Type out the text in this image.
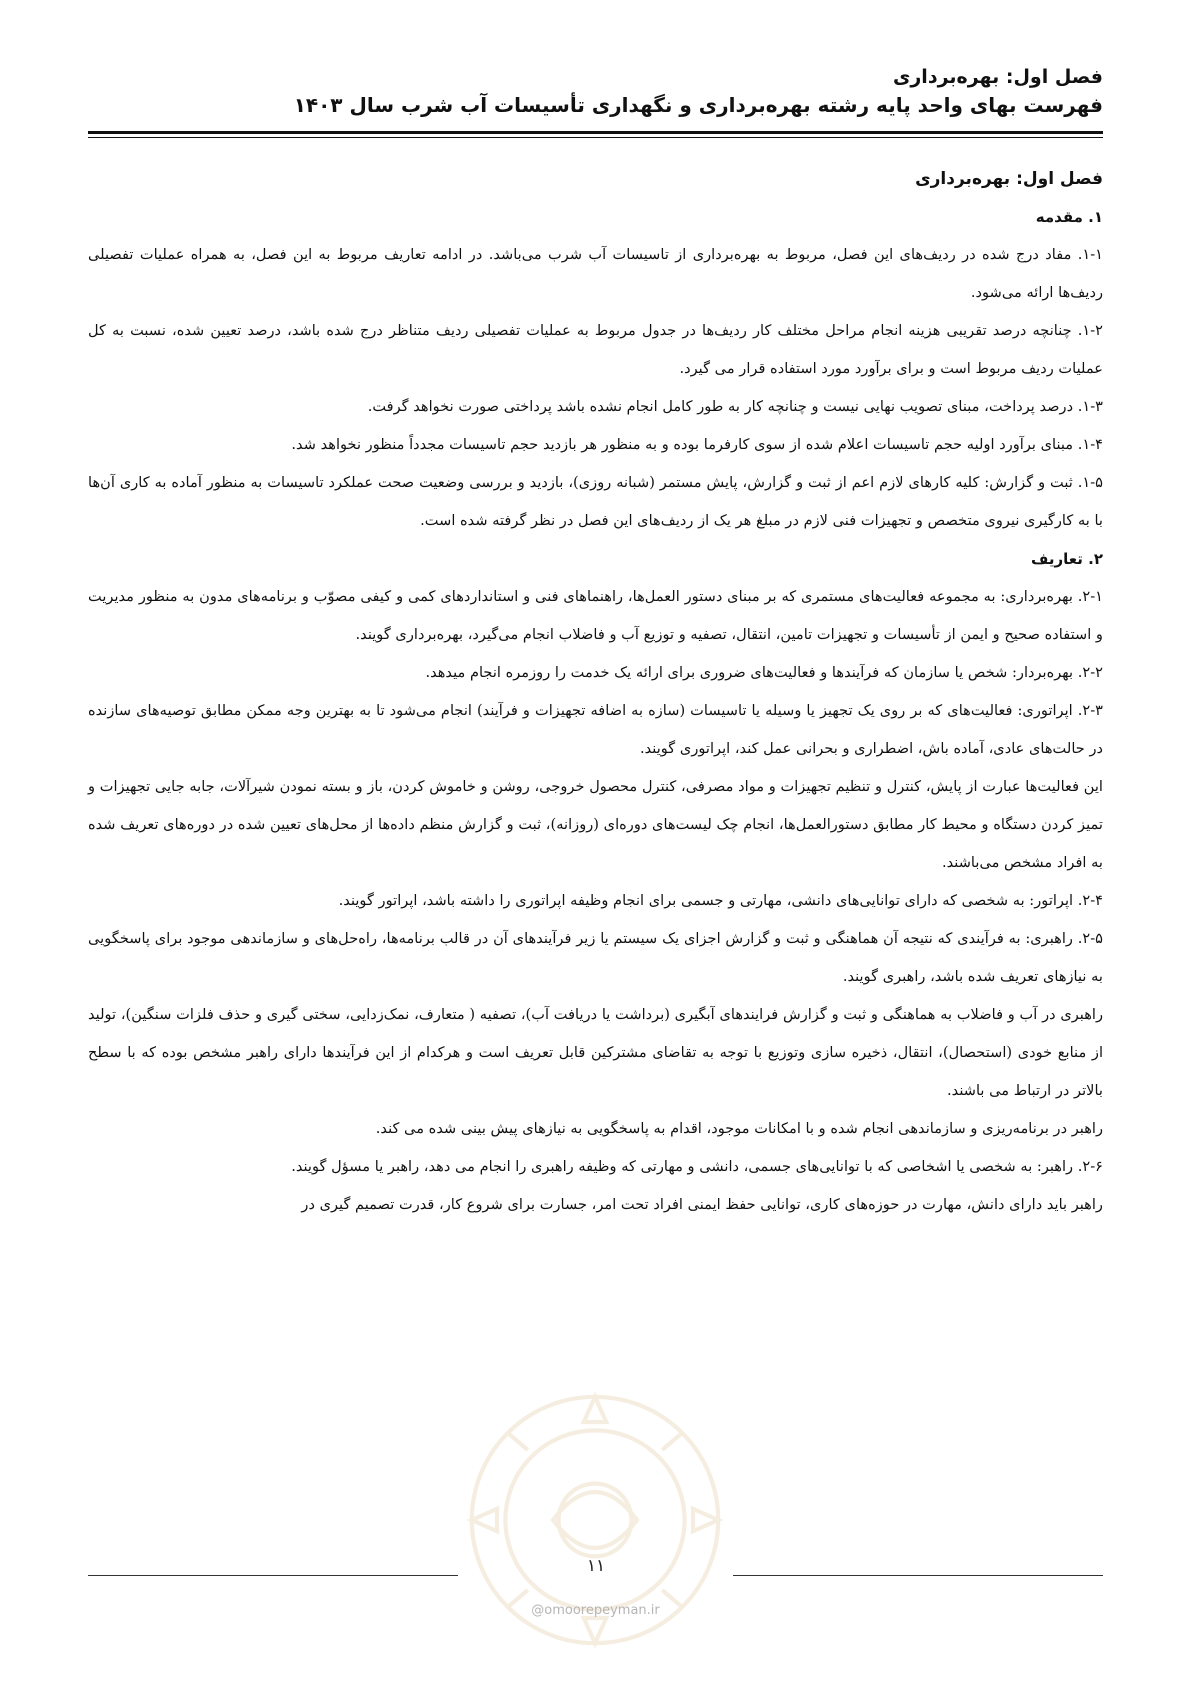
فصل اول: بهره‌برداری
فهرست بهای واحد پایه رشته بهره‌برداری و نگهداری تأسیسات آب شرب سال ۱۴۰۳
فصل اول: بهره‌برداری
۱. مقدمه

۱-۱. مفاد درج شده در ردیف‌های این فصل، مربوط به بهره‌برداری از تاسیسات آب شرب می‌باشد. در ادامه تعاریف مربوط به این فصل، به همراه عملیات تفصیلی ردیف‌ها ارائه می‌شود.

۱-۲. چنانچه درصد تقریبی هزینه انجام مراحل مختلف کار ردیف‌ها در جدول مربوط به عملیات تفصیلی ردیف متناظر درج شده باشد، درصد تعیین شده، نسبت به کل عملیات ردیف مربوط است و برای برآورد مورد استفاده قرار می گیرد.

۱-۳. درصد پرداخت، مبنای تصویب نهایی نیست و چنانچه کار به طور کامل انجام نشده باشد پرداختی صورت نخواهد گرفت.

۱-۴. مبنای برآورد اولیه حجم تاسیسات اعلام شده از سوی کارفرما بوده و به منظور هر بازدید حجم تاسیسات مجدداً منظور نخواهد شد.

۱-۵. ثبت و گزارش: کلیه کارهای لازم اعم از ثبت و گزارش، پایش مستمر (شبانه روزی)، بازدید و بررسی وضعیت صحت عملکرد تاسیسات به منظور آماده به کاری آن‌ها با به کارگیری نیروی متخصص و تجهیزات فنی لازم در مبلغ هر یک از ردیف‌های این فصل در نظر گرفته شده است.

۲. تعاریف

۲-۱. بهره‌برداری: به مجموعه فعالیت‌های مستمری که بر مبنای دستور العمل‌ها، راهنماهای فنی و استانداردهای کمی و کیفی مصوّب و برنامه‌های مدون به منظور مدیریت و استفاده صحیح و ایمن از تأسیسات و تجهیزات تامین، انتقال، تصفیه و توزیع آب و فاضلاب انجام می‌گیرد، بهره‌برداری گویند.

۲-۲. بهره‌بردار: شخص یا سازمان که فرآیندها و فعالیت‌های ضروری برای ارائه یک خدمت را روزمره انجام میدهد.

۲-۳. اپراتوری: فعالیت‌های که بر روی یک تجهیز یا وسیله یا تاسیسات (سازه به اضافه تجهیزات و فرآیند) انجام می‌شود تا به بهترین وجه ممکن مطابق توصیه‌های سازنده در حالت‌های عادی، آماده باش، اضطراری و بحرانی عمل کند، اپراتوری گویند.

این فعالیت‌ها عبارت از پایش، کنترل و تنظیم تجهیزات و مواد مصرفی، کنترل محصول خروجی، روشن و خاموش کردن، باز و بسته نمودن شیرآلات، جابه جایی تجهیزات و تمیز کردن دستگاه و محیط کار مطابق دستورالعمل‌ها، انجام چک لیست‌های دوره‌ای (روزانه)، ثبت و گزارش منظم داده‌ها از محل‌های تعیین شده در دوره‌های تعریف شده به افراد مشخص می‌باشند.

۲-۴. اپراتور: به شخصی که دارای توانایی‌های دانشی، مهارتی و جسمی برای انجام وظیفه اپراتوری را داشته باشد، اپراتور گویند.

۲-۵. راهبری: به فرآیندی که نتیجه آن هماهنگی و ثبت و گزارش اجزای یک سیستم یا زیر فرآیندهای آن در قالب برنامه‌ها، راه‌حل‌های و سازماندهی موجود برای پاسخگویی به نیازهای تعریف شده باشد، راهبری گویند.

راهبری در آب و فاضلاب به هماهنگی و ثبت و گزارش فرایندهای آبگیری (برداشت یا دریافت آب)، تصفیه ( متعارف، نمک‌زدایی، سختی گیری و حذف فلزات سنگین)، تولید از منابع خودی (استحصال)، انتقال، ذخیره سازی وتوزیع با توجه به تقاضای مشترکین قابل تعریف است و هرکدام از این فرآیندها دارای راهبر مشخص بوده که با سطح بالاتر در ارتباط می باشند.

راهبر در برنامه‌ریزی و سازماندهی انجام شده و با امکانات موجود، اقدام به پاسخگویی به نیازهای پیش بینی شده می کند.

۲-۶. راهبر: به شخصی یا اشخاصی که با توانایی‌های جسمی، دانشی و مهارتی که وظیفه راهبری را انجام می دهد، راهبر یا مسؤل گویند.

راهبر باید دارای دانش، مهارت در حوزه‌های کاری، توانایی حفظ ایمنی افراد تحت امر، جسارت برای شروع کار، قدرت تصمیم گیری در

۱۱
@omoorepeyman.ir
